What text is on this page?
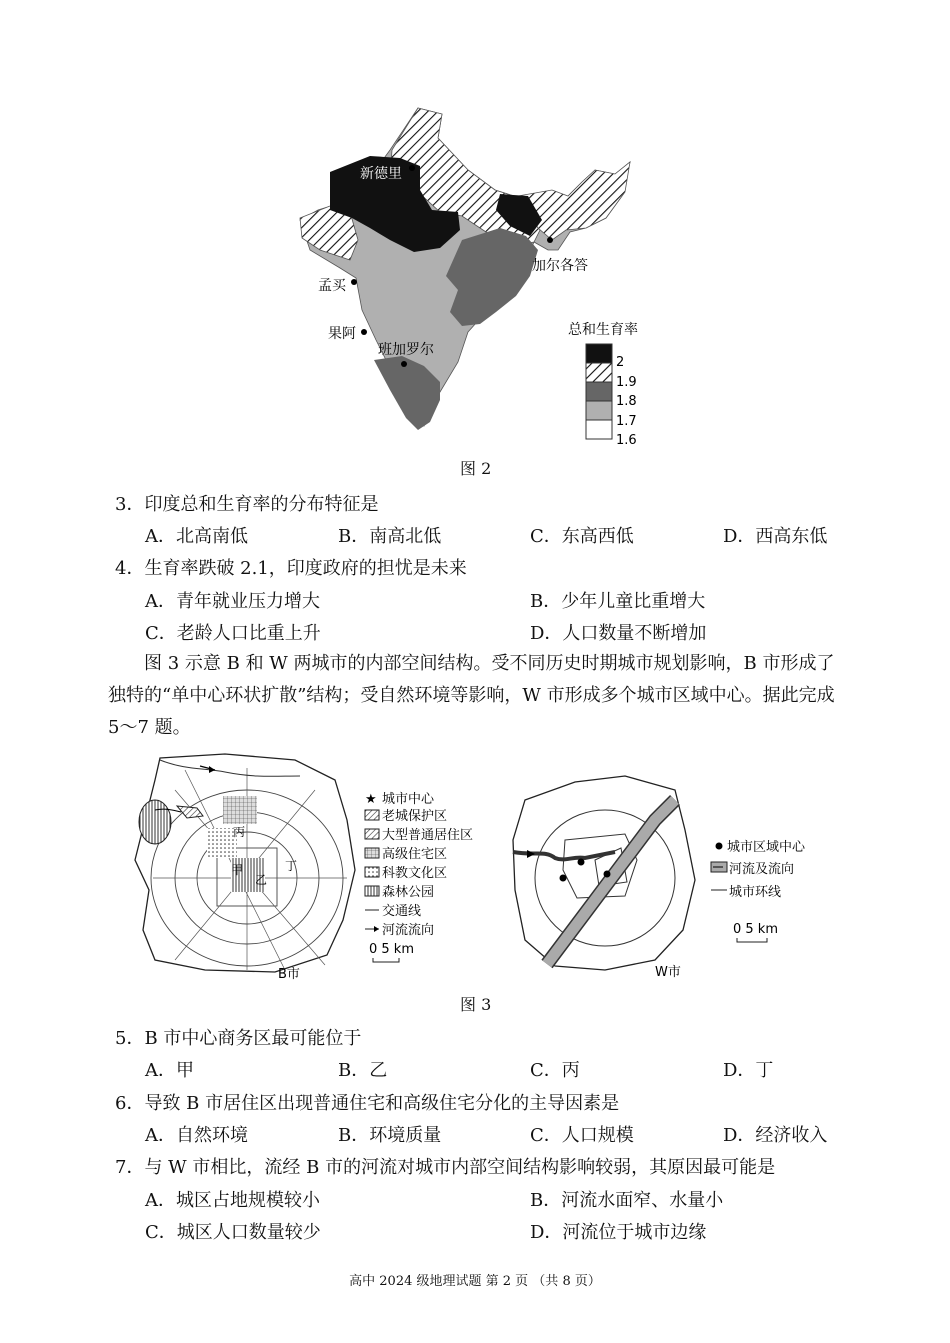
新德里
加尔各答
孟买
果阿
班加罗尔
总和生育率
2
1.9
1.8
1.7
1.6
图 2
3．印度总和生育率的分布特征是
A．北高南低	B．南高北低	C．东高西低	D．西高东低
4．生育率跌破 2.1，印度政府的担忧是未来
A．青年就业压力增大	B．少年儿童比重增大
C．老龄人口比重上升	D．人口数量不断增加
图 3 示意 B 和 W 两城市的内部空间结构。受不同历史时期城市规划影响，B 市形成了独特的“单中心环状扩散”结构；受自然环境等影响，W 市形成多个城市区域中心。据此完成 5～7 题。
丙
甲
乙
丁
B市
★ 城市中心
老城保护区
大型普通居住区
高级住宅区
科教文化区
森林公园
交通线
河流流向
0 5 km
W市
城市区域中心
河流及流向
城市环线
0 5 km
图 3
5．B 市中心商务区最可能位于
A．甲	B．乙	C．丙	D．丁
6．导致 B 市居住区出现普通住宅和高级住宅分化的主导因素是
A．自然环境	B．环境质量	C．人口规模	D．经济收入
7．与 W 市相比，流经 B 市的河流对城市内部空间结构影响较弱，其原因最可能是
A．城区占地规模较小	B．河流水面窄、水量小
C．城区人口数量较少	D．河流位于城市边缘
高中 2024 级地理试题 第 2 页 （共 8 页）
